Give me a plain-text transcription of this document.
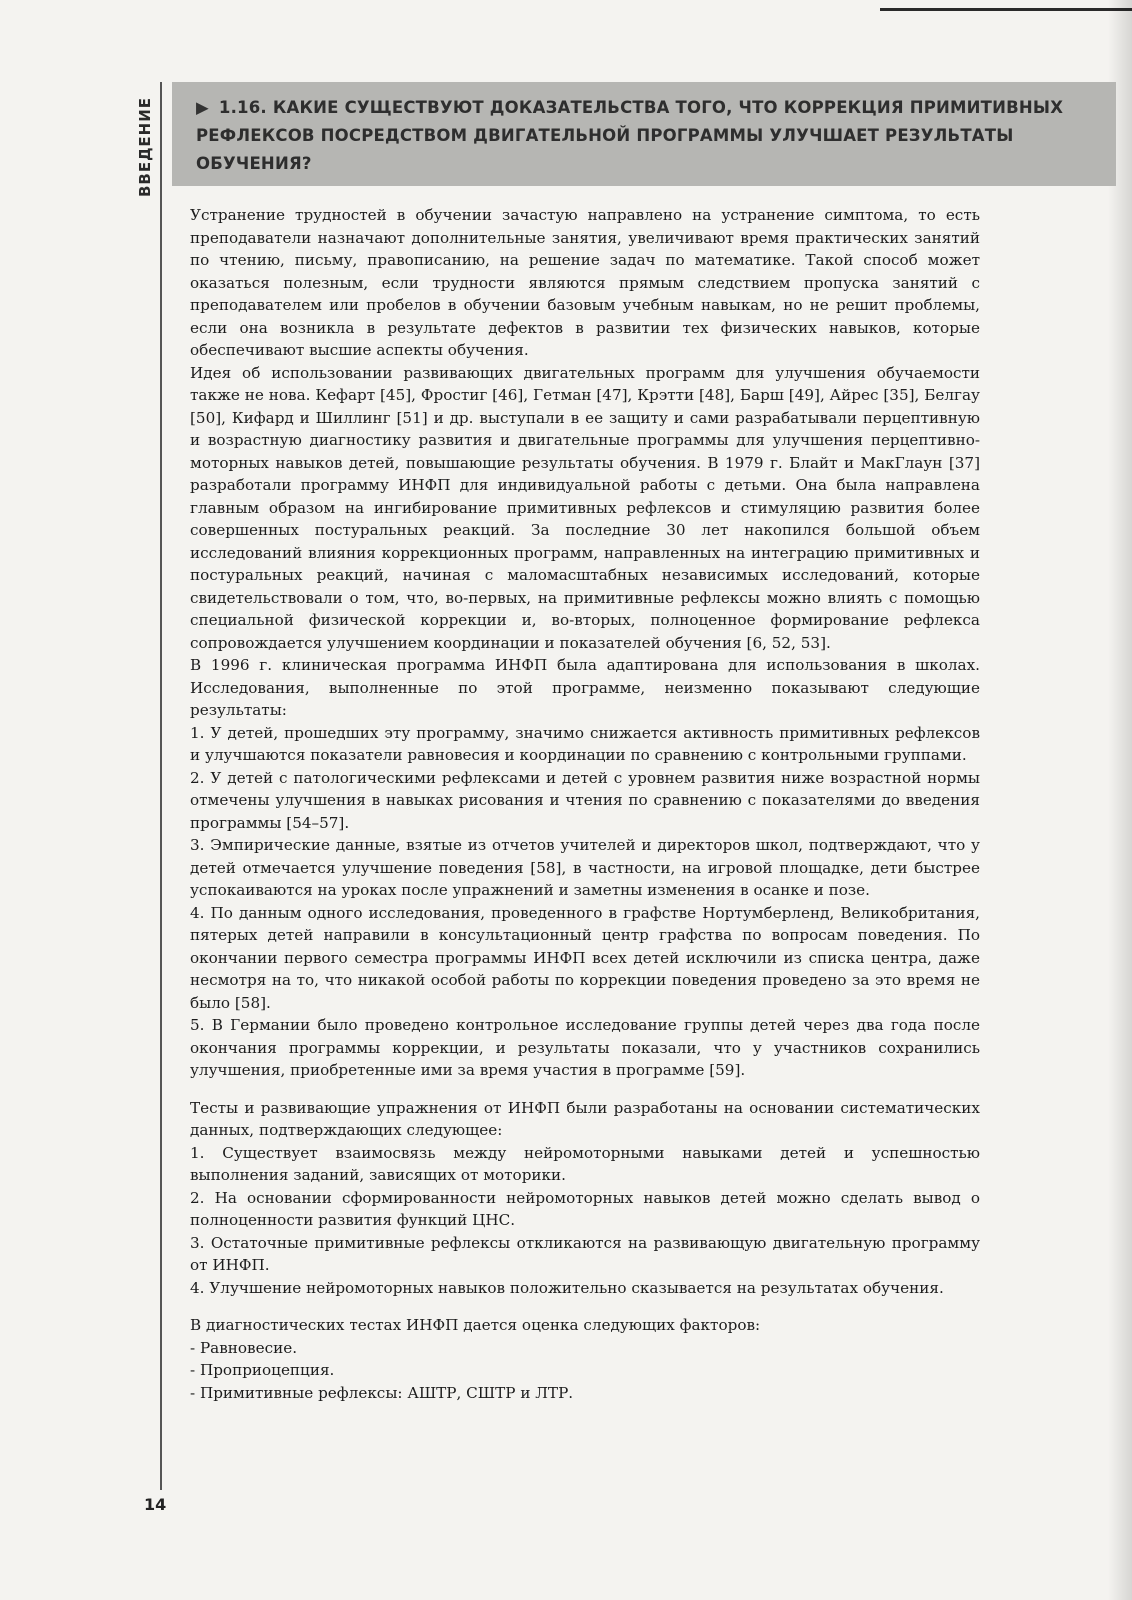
ВВЕДЕНИЕ	▶ 1.16. КАКИЕ СУЩЕСТВУЮТ ДОКАЗАТЕЛЬСТВА ТОГО, ЧТО КОРРЕКЦИЯ ПРИМИТИВНЫХ РЕФЛЕКСОВ ПОСРЕДСТВОМ ДВИГАТЕЛЬНОЙ ПРОГРАММЫ УЛУЧШАЕТ РЕЗУЛЬТАТЫ ОБУЧЕНИЯ?

Устранение трудностей в обучении зачастую направлено на устранение симптома, то есть преподаватели назначают дополнительные занятия, увеличивают время практических занятий по чтению, письму, правописанию, на решение задач по математике. Такой способ может оказаться полезным, если трудности являются прямым следствием пропуска занятий с преподавателем или пробелов в обучении базовым учебным навыкам, но не решит проблемы, если она возникла в результате дефектов в развитии тех физических навыков, которые обеспечивают высшие аспекты обучения.

Идея об использовании развивающих двигательных программ для улучшения обучаемости также не нова. Кефарт [45], Фростиг [46], Гетман [47], Крэтти [48], Барш [49], Айрес [35], Белгау [50], Кифард и Шиллинг [51] и др. выступали в ее защиту и сами разрабатывали перцептивную и возрастную диагностику развития и двигательные программы для улучшения перцептивно-моторных навыков детей, повышающие результаты обучения. В 1979 г. Блайт и МакГлаун [37] разработали программу ИНФП для индивидуальной работы с детьми. Она была направлена главным образом на ингибирование примитивных рефлексов и стимуляцию развития более совершенных постуральных реакций. За последние 30 лет накопился большой объем исследований влияния коррекционных программ, направленных на интеграцию примитивных и постуральных реакций, начиная с маломасштабных независимых исследований, которые свидетельствовали о том, что, во-первых, на примитивные рефлексы можно влиять с помощью специальной физической коррекции и, во-вторых, полноценное формирование рефлекса сопровождается улучшением координации и показателей обучения [6, 52, 53].

В 1996 г. клиническая программа ИНФП была адаптирована для использования в школах. Исследования, выполненные по этой программе, неизменно показывают следующие результаты:

1. У детей, прошедших эту программу, значимо снижается активность примитивных рефлексов и улучшаются показатели равновесия и координации по сравнению с контрольными группами.

2. У детей с патологическими рефлексами и детей с уровнем развития ниже возрастной нормы отмечены улучшения в навыках рисования и чтения по сравнению с показателями до введения программы [54–57].

3. Эмпирические данные, взятые из отчетов учителей и директоров школ, подтверждают, что у детей отмечается улучшение поведения [58], в частности, на игровой площадке, дети быстрее успокаиваются на уроках после упражнений и заметны изменения в осанке и позе.

4. По данным одного исследования, проведенного в графстве Нортумберленд, Великобритания, пятерых детей направили в консультационный центр графства по вопросам поведения. По окончании первого семестра программы ИНФП всех детей исключили из списка центра, даже несмотря на то, что никакой особой работы по коррекции поведения проведено за это время не было [58].

5. В Германии было проведено контрольное исследование группы детей через два года после окончания программы коррекции, и результаты показали, что у участников сохранились улучшения, приобретенные ими за время участия в программе [59].

Тесты и развивающие упражнения от ИНФП были разработаны на основании систематических данных, подтверждающих следующее:

1. Существует взаимосвязь между нейромоторными навыками детей и успешностью выполнения заданий, зависящих от моторики.

2. На основании сформированности нейромоторных навыков детей можно сделать вывод о полноценности развития функций ЦНС.

3. Остаточные примитивные рефлексы откликаются на развивающую двигательную программу от ИНФП.

4. Улучшение нейромоторных навыков положительно сказывается на результатах обучения.

В диагностических тестах ИНФП дается оценка следующих факторов:

- Равновесие.

- Проприоцепция.

- Примитивные рефлексы: АШТР, СШТР и ЛТР.

14
